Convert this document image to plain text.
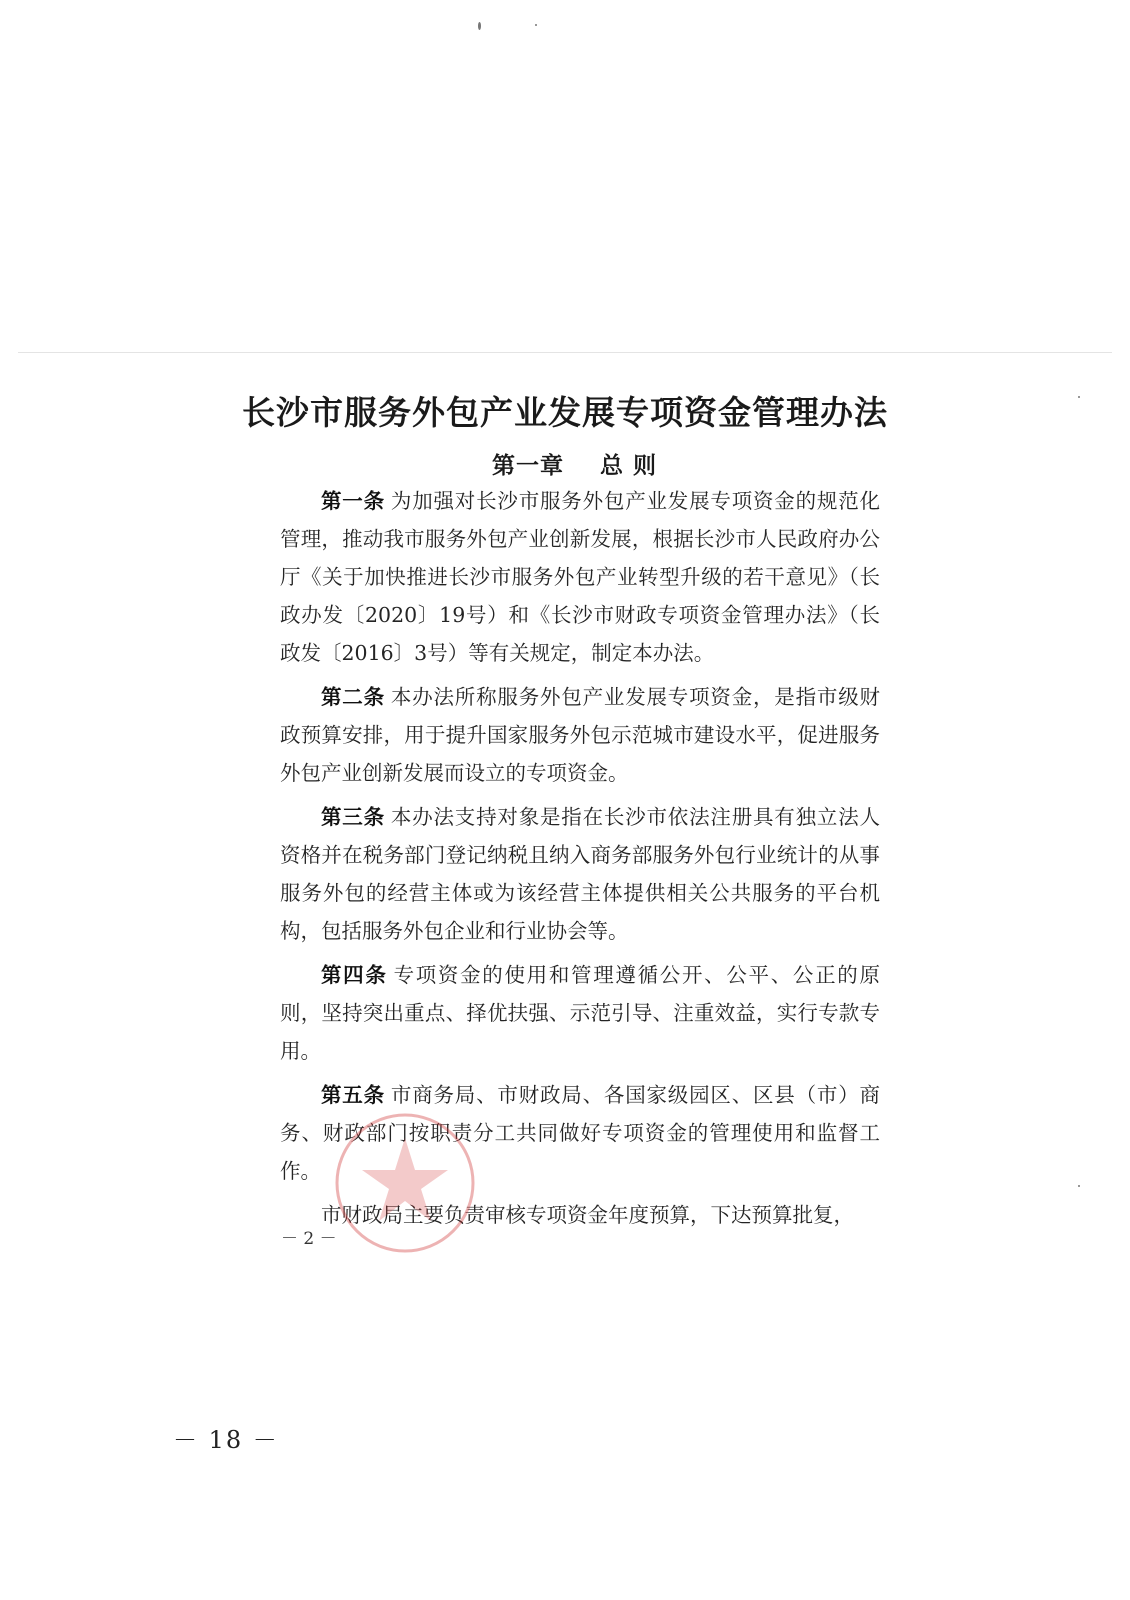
长沙市服务外包产业发展专项资金管理办法
第一章 总 则

第一条 为加强对长沙市服务外包产业发展专项资金的规范化管理，推动我市服务外包产业创新发展，根据长沙市人民政府办公厅《关于加快推进长沙市服务外包产业转型升级的若干意见》（长政办发〔2020〕19号）和《长沙市财政专项资金管理办法》（长政发〔2016〕3号）等有关规定，制定本办法。

第二条 本办法所称服务外包产业发展专项资金，是指市级财政预算安排，用于提升国家服务外包示范城市建设水平，促进服务外包产业创新发展而设立的专项资金。

第三条 本办法支持对象是指在长沙市依法注册具有独立法人资格并在税务部门登记纳税且纳入商务部服务外包行业统计的从事服务外包的经营主体或为该经营主体提供相关公共服务的平台机构，包括服务外包企业和行业协会等。

第四条 专项资金的使用和管理遵循公开、公平、公正的原则，坚持突出重点、择优扶强、示范引导、注重效益，实行专款专用。

第五条 市商务局、市财政局、各国家级园区、区县（市）商务、财政部门按职责分工共同做好专项资金的管理使用和监督工作。

市财政局主要负责审核专项资金年度预算，下达预算批复，

－ 2 －
－ 18 －
